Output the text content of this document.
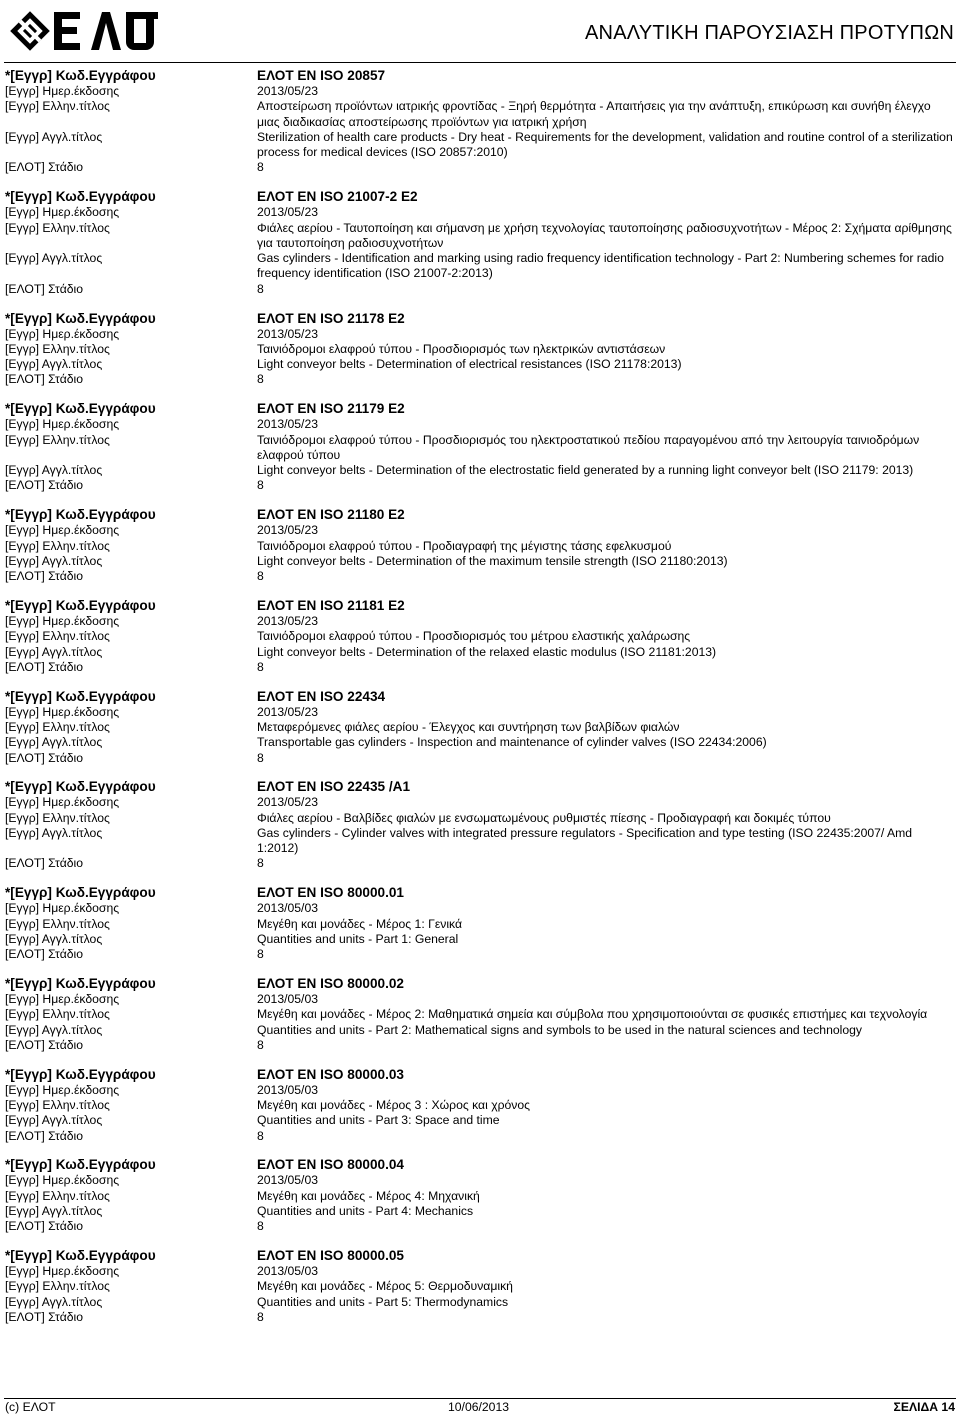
ΑΝΑΛΥΤΙΚΗ ΠΑΡΟΥΣΙΑΣΗ ΠΡΟΤΥΠΩΝ
*[Εγγρ] Κωδ.Εγγράφου	ΕΛΟΤ EN ISO 20857
[Εγγρ] Ημερ.έκδοσης	2013/05/23
[Εγγρ] Ελλην.τίτλος	Αποστείρωση προϊόντων ιατρικής φροντίδας - Ξηρή θερμότητα - Απαιτήσεις για την ανάπτυξη, επικύρωση και συνήθη έλεγχο μιας διαδικασίας αποστείρωσης προϊόντων για ιατρική χρήση
[Εγγρ] Αγγλ.τίτλος	Sterilization of health care products - Dry heat - Requirements for the development, validation and routine control of a sterilization process for medical devices (ISO 20857:2010)
[ΕΛΟΤ] Στάδιο	8
*[Εγγρ] Κωδ.Εγγράφου	ΕΛΟΤ EN ISO 21007-2 E2
[Εγγρ] Ημερ.έκδοσης	2013/05/23
[Εγγρ] Ελλην.τίτλος	Φιάλες αερίου - Ταυτοποίηση και σήμανση με χρήση τεχνολογίας ταυτοποίησης ραδιοσυχνοτήτων - Μέρος 2: Σχήματα αρίθμησης για ταυτοποίηση ραδιοσυχνοτήτων
[Εγγρ] Αγγλ.τίτλος	Gas cylinders - Identification and marking using radio frequency identification technology - Part 2: Numbering schemes for radio frequency identification (ISO 21007-2:2013)
[ΕΛΟΤ] Στάδιο	8
*[Εγγρ] Κωδ.Εγγράφου	ΕΛΟΤ EN ISO 21178 E2
[Εγγρ] Ημερ.έκδοσης	2013/05/23
[Εγγρ] Ελλην.τίτλος	Ταινιόδρομοι ελαφρού τύπου - Προσδιορισμός των ηλεκτρικών αντιστάσεων
[Εγγρ] Αγγλ.τίτλος	Light conveyor belts - Determination of electrical resistances (ISO 21178:2013)
[ΕΛΟΤ] Στάδιο	8
*[Εγγρ] Κωδ.Εγγράφου	ΕΛΟΤ EN ISO 21179 E2
[Εγγρ] Ημερ.έκδοσης	2013/05/23
[Εγγρ] Ελλην.τίτλος	Ταινιόδρομοι ελαφρού τύπου - Προσδιορισμός του ηλεκτροστατικού πεδίου παραγομένου από την λειτουργία ταινιοδρόμων ελαφρού τύπου
[Εγγρ] Αγγλ.τίτλος	Light conveyor belts - Determination of the electrostatic field generated by a running light conveyor belt (ISO 21179: 2013)
[ΕΛΟΤ] Στάδιο	8
*[Εγγρ] Κωδ.Εγγράφου	ΕΛΟΤ EN ISO 21180 E2
[Εγγρ] Ημερ.έκδοσης	2013/05/23
[Εγγρ] Ελλην.τίτλος	Ταινιόδρομοι ελαφρού τύπου - Προδιαγραφή της μέγιστης τάσης εφελκυσμού
[Εγγρ] Αγγλ.τίτλος	Light conveyor belts - Determination of the maximum tensile strength (ISO 21180:2013)
[ΕΛΟΤ] Στάδιο	8
*[Εγγρ] Κωδ.Εγγράφου	ΕΛΟΤ EN ISO 21181 E2
[Εγγρ] Ημερ.έκδοσης	2013/05/23
[Εγγρ] Ελλην.τίτλος	Ταινιόδρομοι ελαφρού τύπου - Προσδιορισμός του μέτρου ελαστικής χαλάρωσης
[Εγγρ] Αγγλ.τίτλος	Light conveyor belts - Determination of the relaxed elastic modulus (ISO 21181:2013)
[ΕΛΟΤ] Στάδιο	8
*[Εγγρ] Κωδ.Εγγράφου	ΕΛΟΤ EN ISO 22434
[Εγγρ] Ημερ.έκδοσης	2013/05/23
[Εγγρ] Ελλην.τίτλος	Μεταφερόμενες φιάλες αερίου - Έλεγχος και συντήρηση των βαλβίδων φιαλών
[Εγγρ] Αγγλ.τίτλος	Transportable gas cylinders - Inspection and maintenance of cylinder valves (ISO 22434:2006)
[ΕΛΟΤ] Στάδιο	8
*[Εγγρ] Κωδ.Εγγράφου	ΕΛΟΤ EN ISO 22435 /A1
[Εγγρ] Ημερ.έκδοσης	2013/05/23
[Εγγρ] Ελλην.τίτλος	Φιάλες αερίου - Βαλβίδες φιαλών με ενσωματωμένους ρυθμιστές πίεσης - Προδιαγραφή και δοκιμές τύπου
[Εγγρ] Αγγλ.τίτλος	Gas cylinders - Cylinder valves with integrated pressure regulators - Specification and type testing (ISO 22435:2007/ Amd 1:2012)
[ΕΛΟΤ] Στάδιο	8
*[Εγγρ] Κωδ.Εγγράφου	ΕΛΟΤ EN ISO 80000.01
[Εγγρ] Ημερ.έκδοσης	2013/05/03
[Εγγρ] Ελλην.τίτλος	Μεγέθη και μονάδες - Μέρος 1: Γενικά
[Εγγρ] Αγγλ.τίτλος	Quantities and units - Part 1: General
[ΕΛΟΤ] Στάδιο	8
*[Εγγρ] Κωδ.Εγγράφου	ΕΛΟΤ EN ISO 80000.02
[Εγγρ] Ημερ.έκδοσης	2013/05/03
[Εγγρ] Ελλην.τίτλος	Μεγέθη και μονάδες - Μέρος 2: Μαθηματικά σημεία και σύμβολα που χρησιμοποιούνται σε φυσικές επιστήμες και τεχνολογία
[Εγγρ] Αγγλ.τίτλος	Quantities and units - Part 2: Mathematical signs and symbols to be used in the natural sciences and technology
[ΕΛΟΤ] Στάδιο	8
*[Εγγρ] Κωδ.Εγγράφου	ΕΛΟΤ EN ISO 80000.03
[Εγγρ] Ημερ.έκδοσης	2013/05/03
[Εγγρ] Ελλην.τίτλος	Μεγέθη και μονάδες - Μέρος 3 : Χώρος και χρόνος
[Εγγρ] Αγγλ.τίτλος	Quantities and units - Part 3: Space and time
[ΕΛΟΤ] Στάδιο	8
*[Εγγρ] Κωδ.Εγγράφου	ΕΛΟΤ EN ISO 80000.04
[Εγγρ] Ημερ.έκδοσης	2013/05/03
[Εγγρ] Ελλην.τίτλος	Μεγέθη και μονάδες - Μέρος 4: Μηχανική
[Εγγρ] Αγγλ.τίτλος	Quantities and units - Part 4: Mechanics
[ΕΛΟΤ] Στάδιο	8
*[Εγγρ] Κωδ.Εγγράφου	ΕΛΟΤ EN ISO 80000.05
[Εγγρ] Ημερ.έκδοσης	2013/05/03
[Εγγρ] Ελλην.τίτλος	Μεγέθη και μονάδες - Μέρος 5: Θερμοδυναμική
[Εγγρ] Αγγλ.τίτλος	Quantities and units - Part 5: Thermodynamics
[ΕΛΟΤ] Στάδιο	8
(c) ΕΛΟΤ	10/06/2013	ΣΕΛΙΔΑ 14
